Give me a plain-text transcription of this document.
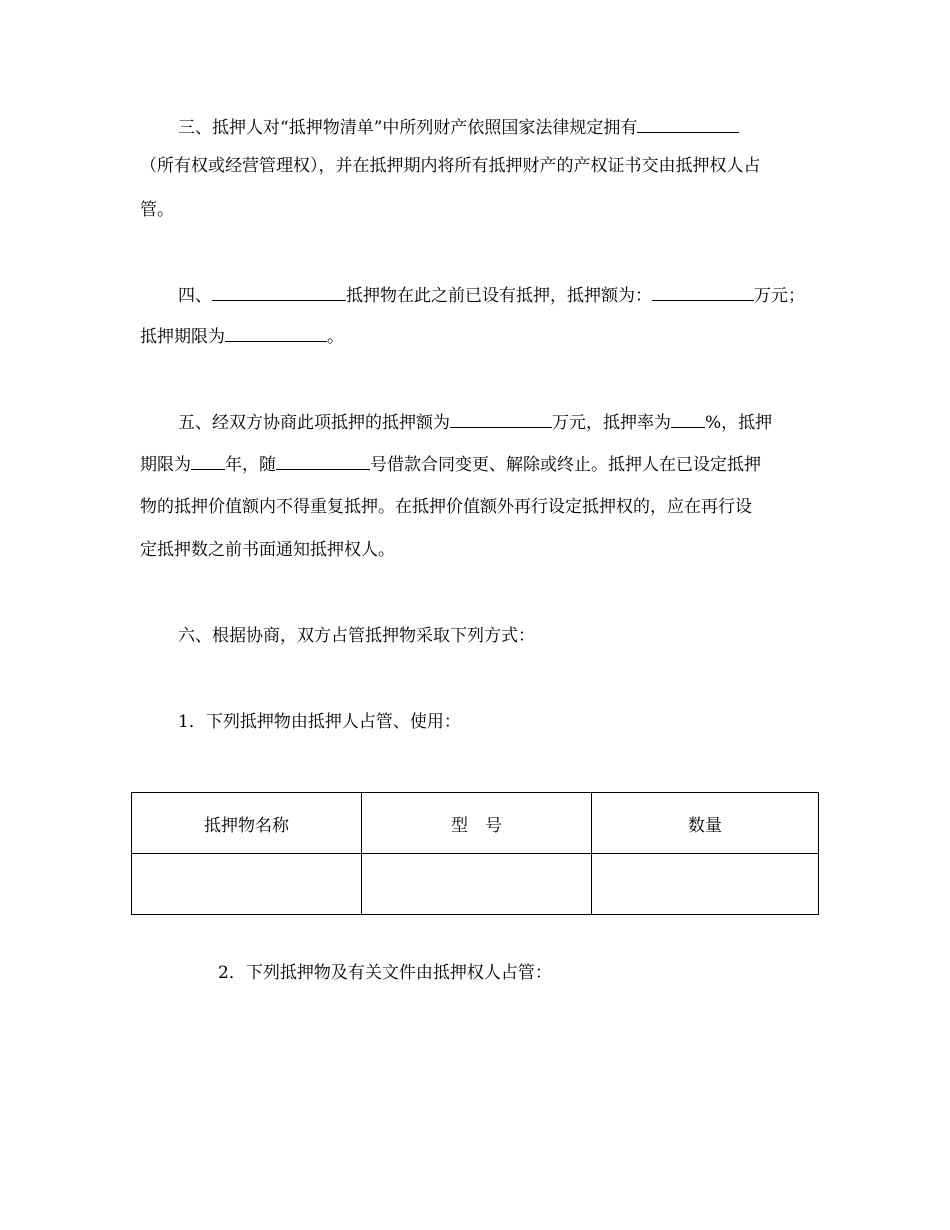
三、抵押人对“抵押物清单”中所列财产依照国家法律规定拥有
（所有权或经营管理权），并在抵押期内将所有抵押财产的产权证书交由抵押权人占
管。
四、	抵押物在此之前已设有抵押，抵押额为：	万元；
抵押期限为	。
五、经双方协商此项抵押的抵押额为	万元，抵押率为 %，抵押
期限为 年，随	号借款合同变更、解除或终止。抵押人在已设定抵押
物的抵押价值额内不得重复抵押。在抵押价值额外再行设定抵押权的，应在再行设
定抵押数之前书面通知抵押权人。
六、根据协商，双方占管抵押物采取下列方式：
1．下列抵押物由抵押人占管、使用：
抵押物名称	型　号	数量

2．下列抵押物及有关文件由抵押权人占管：
